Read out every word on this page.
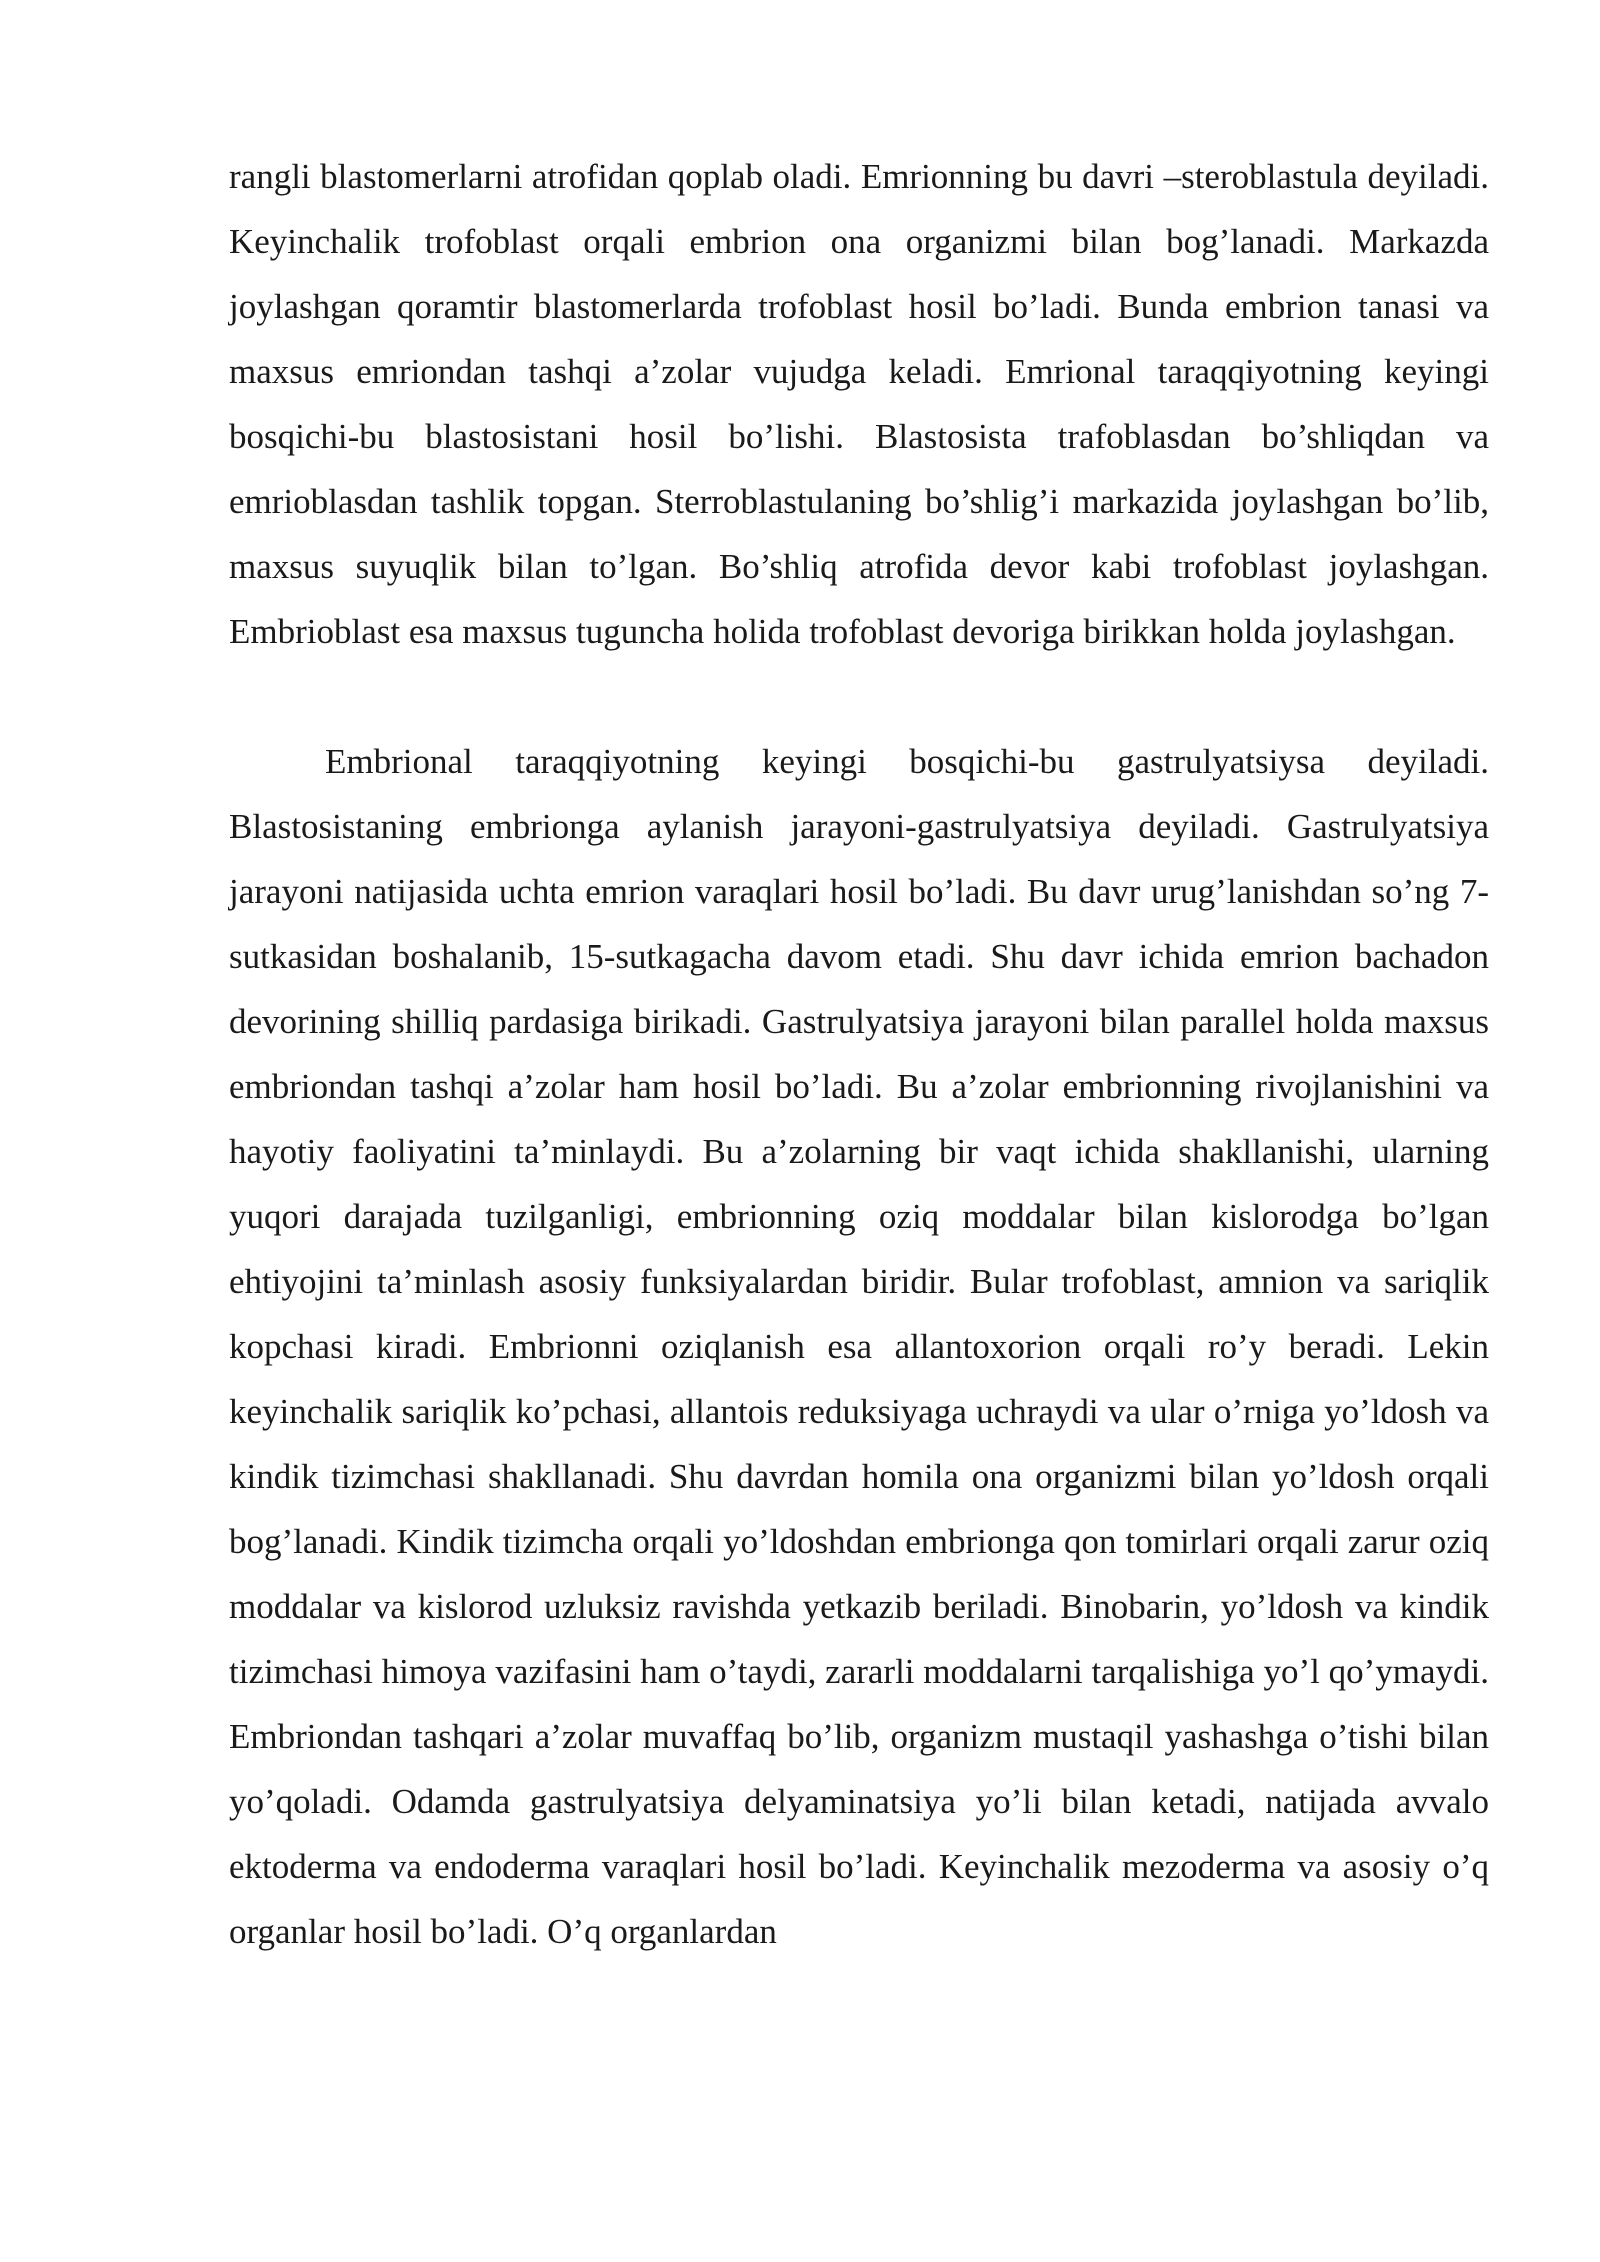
rangli blastomerlarni atrofidan qoplab oladi. Emrionning bu davri –steroblastula deyiladi. Keyinchalik trofoblast orqali embrion ona organizmi bilan bog’lanadi. Markazda joylashgan qoramtir blastomerlarda trofoblast hosil bo’ladi. Bunda embrion tanasi va maxsus emriondan tashqi a’zolar vujudga keladi. Emrional taraqqiyotning keyingi bosqichi-bu blastosistani hosil bo’lishi. Blastosista trafoblasdan bo’shliqdan va emrioblasdan tashlik topgan. Sterroblastulaning bo’shlig’i markazida joylashgan bo’lib, maxsus suyuqlik bilan to’lgan. Bo’shliq atrofida devor kabi trofoblast joylashgan. Embrioblast esa maxsus tuguncha holida trofoblast devoriga birikkan holda joylashgan.

Embrional taraqqiyotning keyingi bosqichi-bu gastrulyatsiysa deyiladi. Blastosistaning embrionga aylanish jarayoni-gastrulyatsiya deyiladi. Gastrulyatsiya jarayoni natijasida uchta emrion varaqlari hosil bo’ladi. Bu davr urug’lanishdan so’ng 7-sutkasidan boshalanib, 15-sutkagacha davom etadi. Shu davr ichida emrion bachadon devorining shilliq pardasiga birikadi. Gastrulyatsiya jarayoni bilan parallel holda maxsus embriondan tashqi a’zolar ham hosil bo’ladi. Bu a’zolar embrionning rivojlanishini va hayotiy faoliyatini ta’minlaydi. Bu a’zolarning bir vaqt ichida shakllanishi, ularning yuqori darajada tuzilganligi, embrionning oziq moddalar bilan kislorodga bo’lgan ehtiyojini ta’minlash asosiy funksiyalardan biridir. Bular trofoblast, amnion va sariqlik kopchasi kiradi. Embrionni oziqlanish esa allantoxorion orqali ro’y beradi. Lekin keyinchalik sariqlik ko’pchasi, allantois reduksiyaga uchraydi va ular o’rniga yo’ldosh va kindik tizimchasi shakllanadi. Shu davrdan homila ona organizmi bilan yo’ldosh orqali bog’lanadi. Kindik tizimcha orqali yo’ldoshdan embrionga qon tomirlari orqali zarur oziq moddalar va kislorod uzluksiz ravishda yetkazib beriladi. Binobarin, yo’ldosh va kindik tizimchasi himoya vazifasini ham o’taydi, zararli moddalarni tarqalishiga yo’l qo’ymaydi. Embriondan tashqari a’zolar muvaffaq bo’lib, organizm mustaqil yashashga o’tishi bilan yo’qoladi. Odamda gastrulyatsiya delyaminatsiya yo’li bilan ketadi, natijada avvalo ektoderma va endoderma varaqlari hosil bo’ladi. Keyinchalik mezoderma va asosiy o’q organlar hosil bo’ladi. O’q organlardan
